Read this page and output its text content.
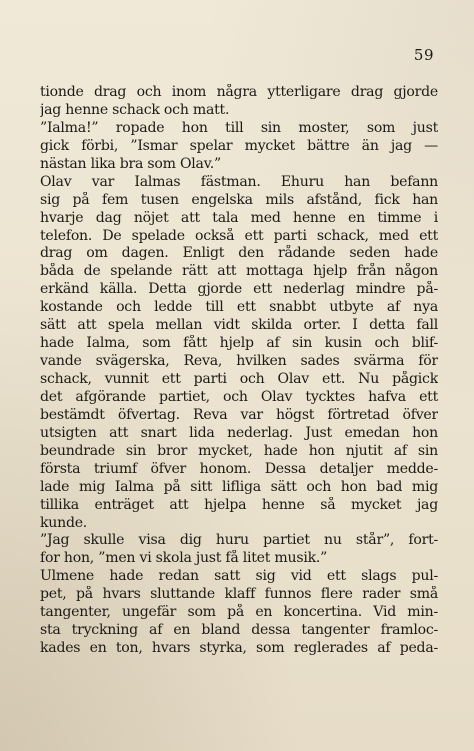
59
tionde drag och inom några ytterligare drag gjorde
jag henne schack och matt.
”Ialma!” ropade hon till sin moster, som just
gick förbi, ”Ismar spelar mycket bättre än jag —
nästan lika bra som Olav.”
Olav var Ialmas fästman. Ehuru han befann
sig på fem tusen engelska mils afstånd, fick han
hvarje dag nöjet att tala med henne en timme i
telefon. De spelade också ett parti schack, med ett
drag om dagen. Enligt den rådande seden hade
båda de spelande rätt att mottaga hjelp från någon
erkänd källa. Detta gjorde ett nederlag mindre på-
kostande och ledde till ett snabbt utbyte af nya
sätt att spela mellan vidt skilda orter. I detta fall
hade Ialma, som fått hjelp af sin kusin och blif-
vande svägerska, Reva, hvilken sades svärma för
schack, vunnit ett parti och Olav ett. Nu pågick
det afgörande partiet, och Olav tycktes hafva ett
bestämdt öfvertag. Reva var högst förtretad öfver
utsigten att snart lida nederlag. Just emedan hon
beundrade sin bror mycket, hade hon njutit af sin
första triumf öfver honom. Dessa detaljer medde-
lade mig Ialma på sitt lifliga sätt och hon bad mig
tillika enträget att hjelpa henne så mycket jag
kunde.
”Jag skulle visa dig huru partiet nu står”, fort-
for hon, ”men vi skola just få litet musik.”
Ulmene hade redan satt sig vid ett slags pul-
pet, på hvars sluttande klaff funnos flere rader små
tangenter, ungefär som på en koncertina. Vid min-
sta tryckning af en bland dessa tangenter framloc-
kades en ton, hvars styrka, som reglerades af peda-
